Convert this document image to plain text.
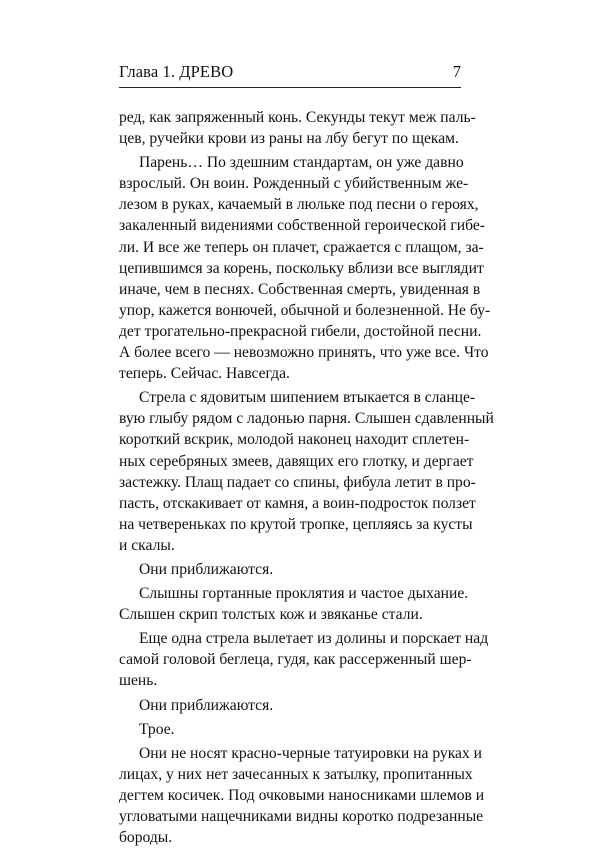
Глава 1. ДРЕВО	7
ред, как запряженный конь. Секунды текут меж паль-
цев, ручейки крови из раны на лбу бегут по щекам.
Парень… По здешним стандартам, он уже давно
взрослый. Он воин. Рожденный с убийственным же-
лезом в руках, качаемый в люльке под песни о героях,
закаленный видениями собственной героической гибе-
ли. И все же теперь он плачет, сражается с плащом, за-
цепившимся за корень, поскольку вблизи все выглядит
иначе, чем в песнях. Собственная смерть, увиденная в
упор, кажется вонючей, обычной и болезненной. Не бу-
дет трогательно-прекрасной гибели, достойной песни.
А более всего — невозможно принять, что уже все. Что
теперь. Сейчас. Навсегда.
Стрела с ядовитым шипением втыкается в сланце-
вую глыбу рядом с ладонью парня. Слышен сдавленный
короткий вскрик, молодой наконец находит сплетен-
ных серебряных змеев, давящих его глотку, и дергает
застежку. Плащ падает со спины, фибула летит в про-
пасть, отскакивает от камня, а воин-подросток ползет
на четвереньках по крутой тропке, цепляясь за кусты
и скалы.
Они приближаются.
Слышны гортанные проклятия и частое дыхание.
Слышен скрип толстых кож и звяканье стали.
Еще одна стрела вылетает из долины и порскает над
самой головой беглеца, гудя, как рассерженный шер-
шень.
Они приближаются.
Трое.
Они не носят красно-черные татуировки на руках и
лицах, у них нет зачесанных к затылку, пропитанных
дегтем косичек. Под очковыми наносниками шлемов и
угловатыми нащечниками видны коротко подрезанные
бороды.
